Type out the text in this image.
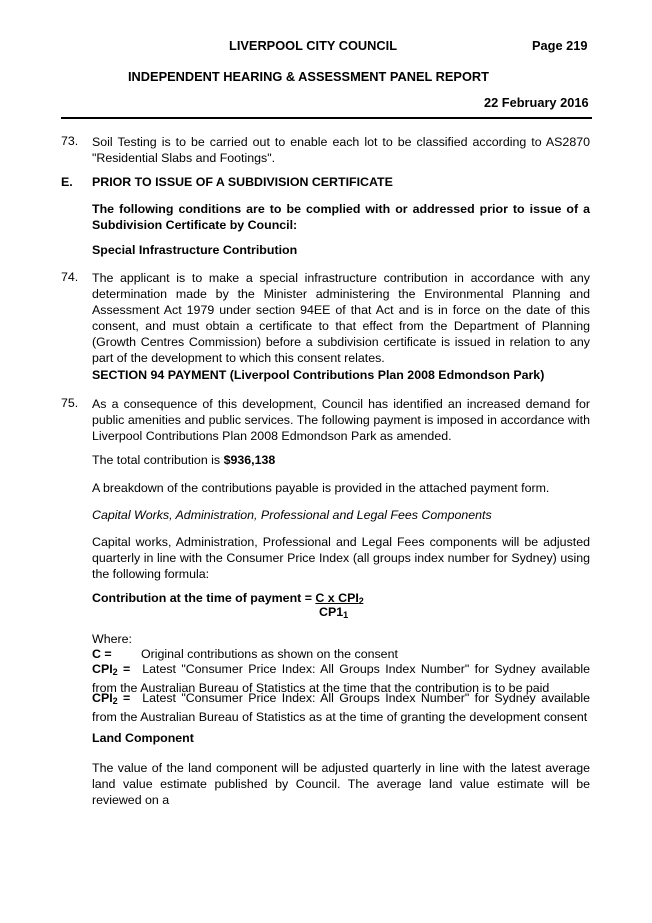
LIVERPOOL CITY COUNCIL	Page 219
INDEPENDENT HEARING & ASSESSMENT PANEL REPORT
22 February 2016
73. Soil Testing is to be carried out to enable each lot to be classified according to AS2870 "Residential Slabs and Footings".

E. PRIOR TO ISSUE OF A SUBDIVISION CERTIFICATE

The following conditions are to be complied with or addressed prior to issue of a Subdivision Certificate by Council:

Special Infrastructure Contribution
74. The applicant is to make a special infrastructure contribution in accordance with any determination made by the Minister administering the Environmental Planning and Assessment Act 1979 under section 94EE of that Act and is in force on the date of this consent, and must obtain a certificate to that effect from the Department of Planning (Growth Centres Commission) before a subdivision certificate is issued in relation to any part of the development to which this consent relates.

SECTION 94 PAYMENT (Liverpool Contributions Plan 2008 Edmondson Park)
75. As a consequence of this development, Council has identified an increased demand for public amenities and public services. The following payment is imposed in accordance with Liverpool Contributions Plan 2008 Edmondson Park as amended.

The total contribution is $936,138
A breakdown of the contributions payable is provided in the attached payment form.
Capital Works, Administration, Professional and Legal Fees Components

Capital works, Administration, Professional and Legal Fees components will be adjusted quarterly in line with the Consumer Price Index (all groups index number for Sydney) using the following formula:

Contribution at the time of payment = C x $CPI_2$
$CP1_1$
Where:
C = Original contributions as shown on the consent

$CPI_2$ = Latest "Consumer Price Index: All Groups Index Number" for Sydney available from the Australian Bureau of Statistics at the time that the contribution is to be paid

$CPI_2$ = Latest "Consumer Price Index: All Groups Index Number" for Sydney available from the Australian Bureau of Statistics as at the time of granting the development consent

Land Component

The value of the land component will be adjusted quarterly in line with the latest average land value estimate published by Council. The average land value estimate will be reviewed on a
